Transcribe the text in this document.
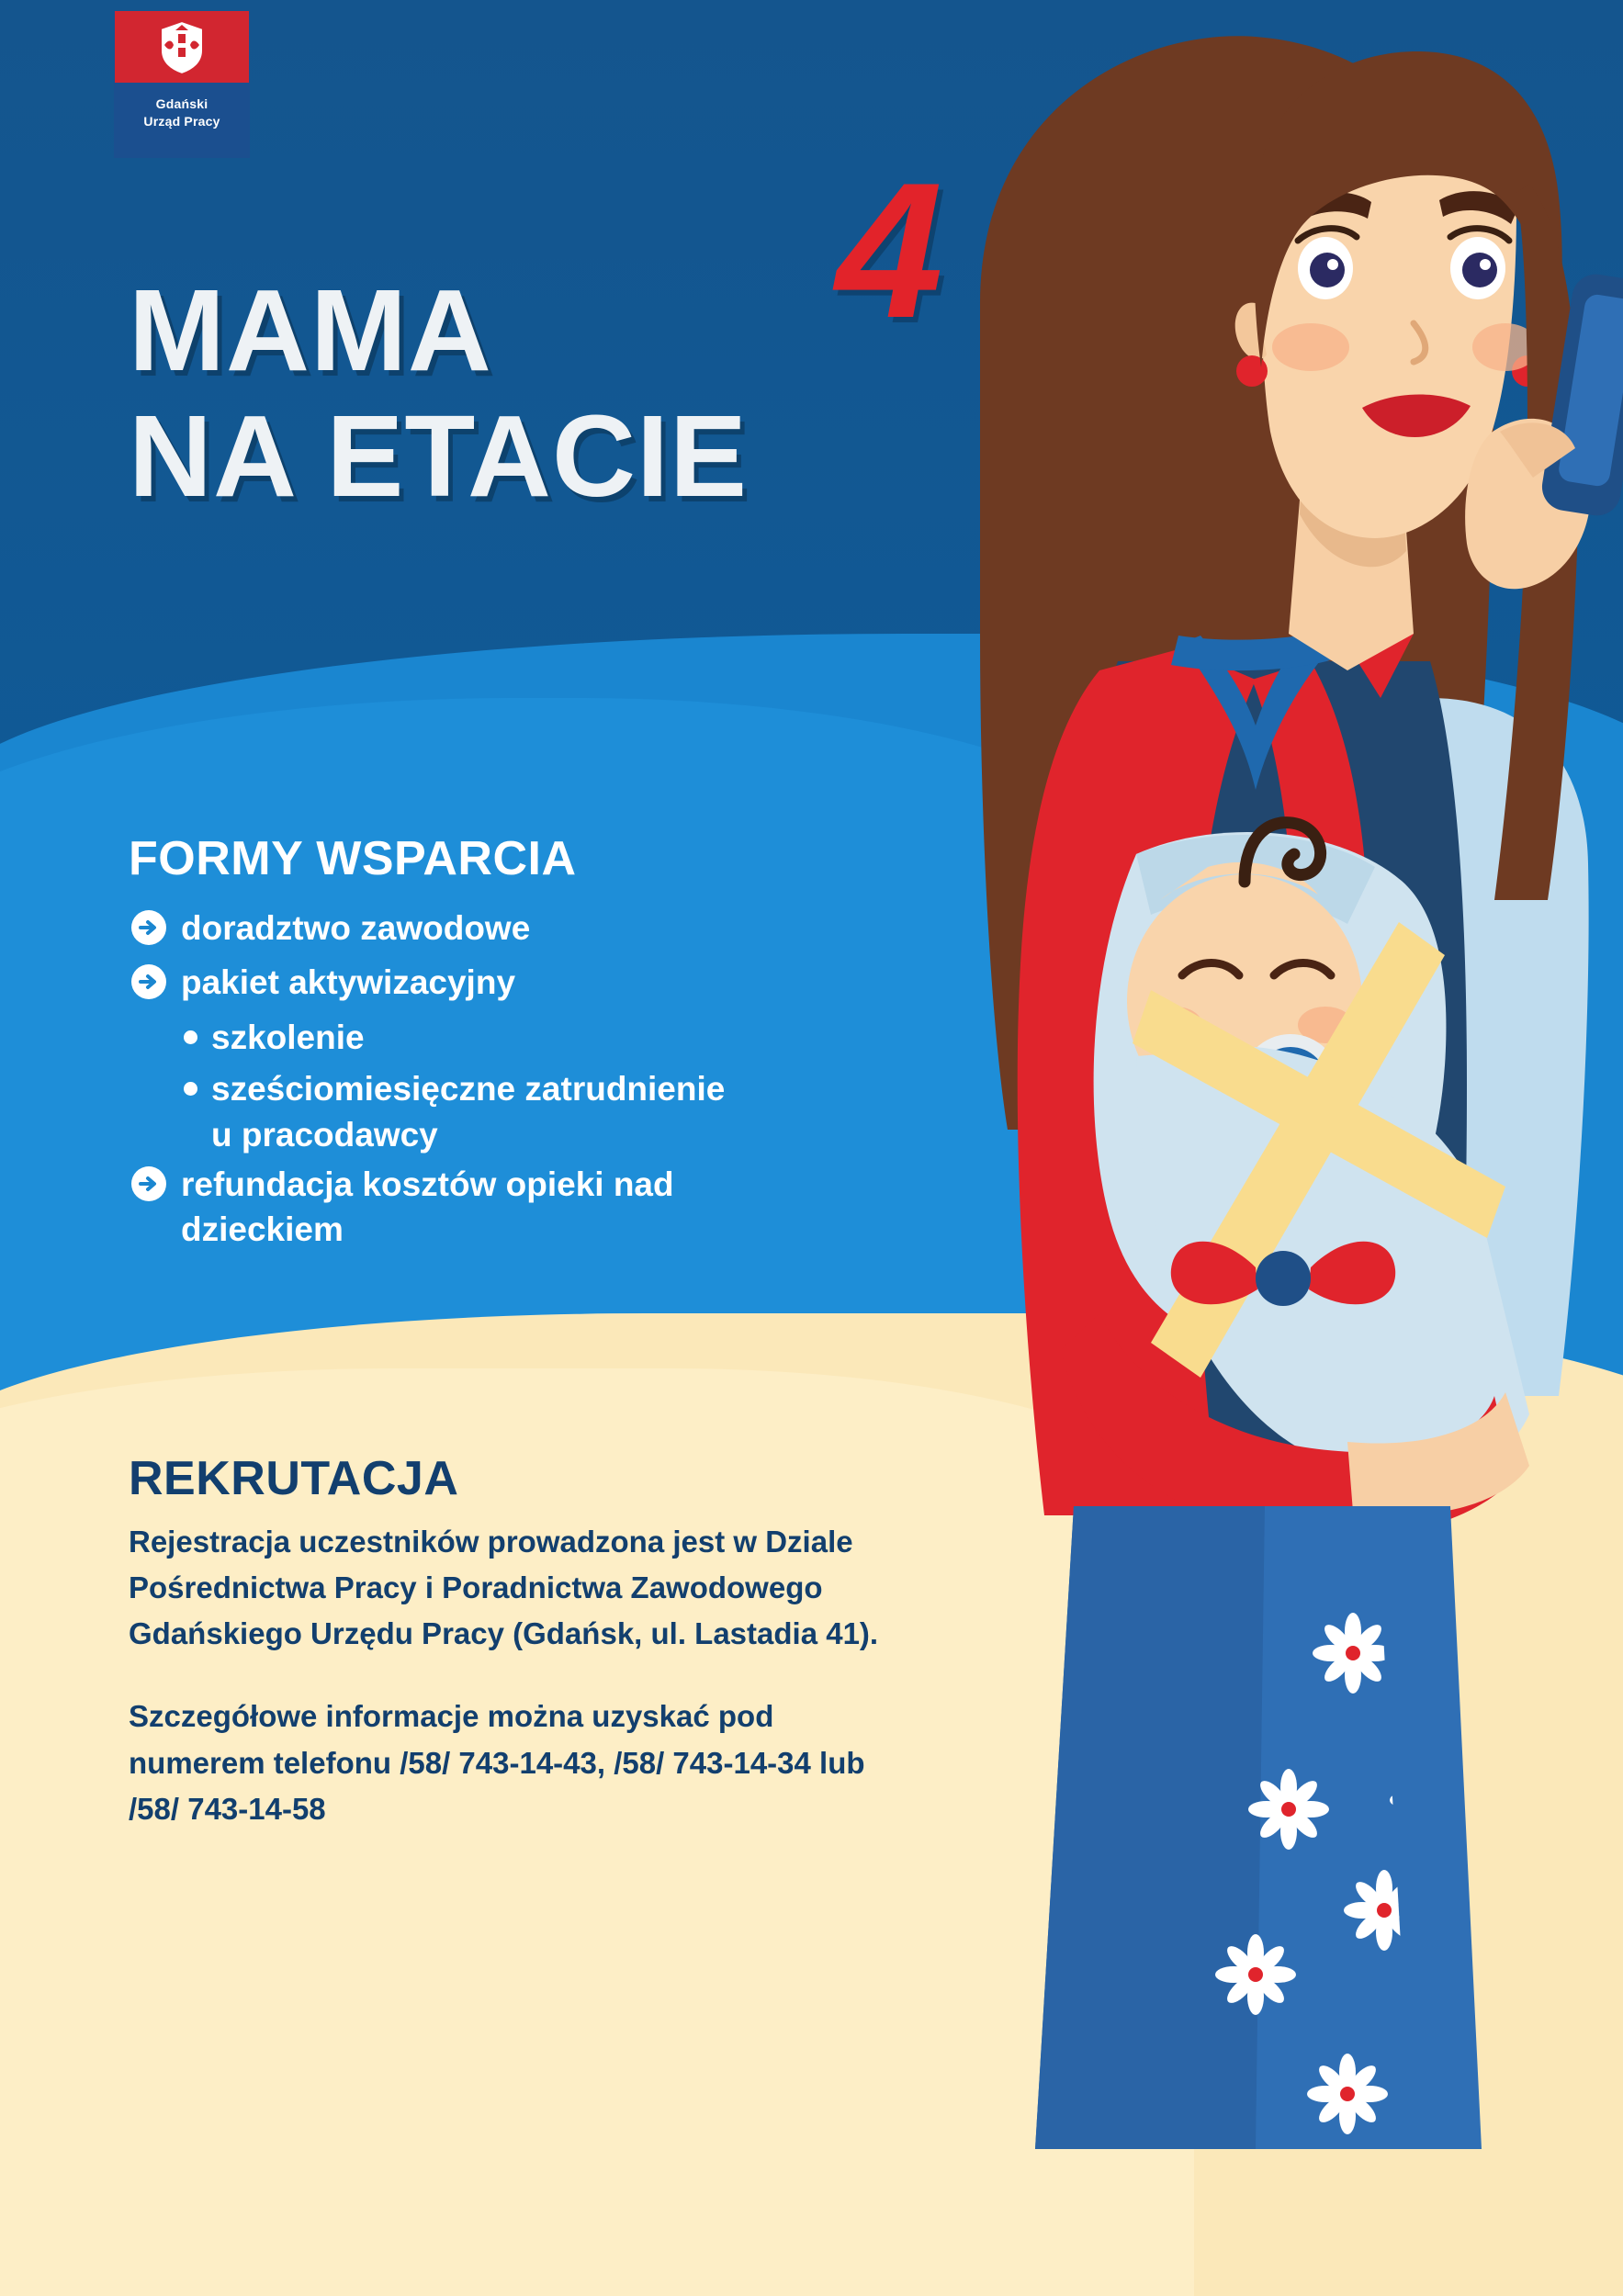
Gdański
Urząd Pracy
MAMA
NA ETACIE
4
FORMY WSPARCIA
doradztwo zawodowe
pakiet aktywizacyjny
szkolenie
sześciomiesięczne zatrudnienie u pracodawcy
refundacja kosztów opieki nad dzieckiem
REKRUTACJA

Rejestracja uczestników prowadzona jest w Dziale Pośrednictwa Pracy i Poradnictwa Zawodowego Gdańskiego Urzędu Pracy (Gdańsk, ul. Lastadia 41).

Szczegółowe informacje można uzyskać pod numerem telefonu /58/ 743-14-43, /58/ 743-14-34 lub /58/ 743-14-58
